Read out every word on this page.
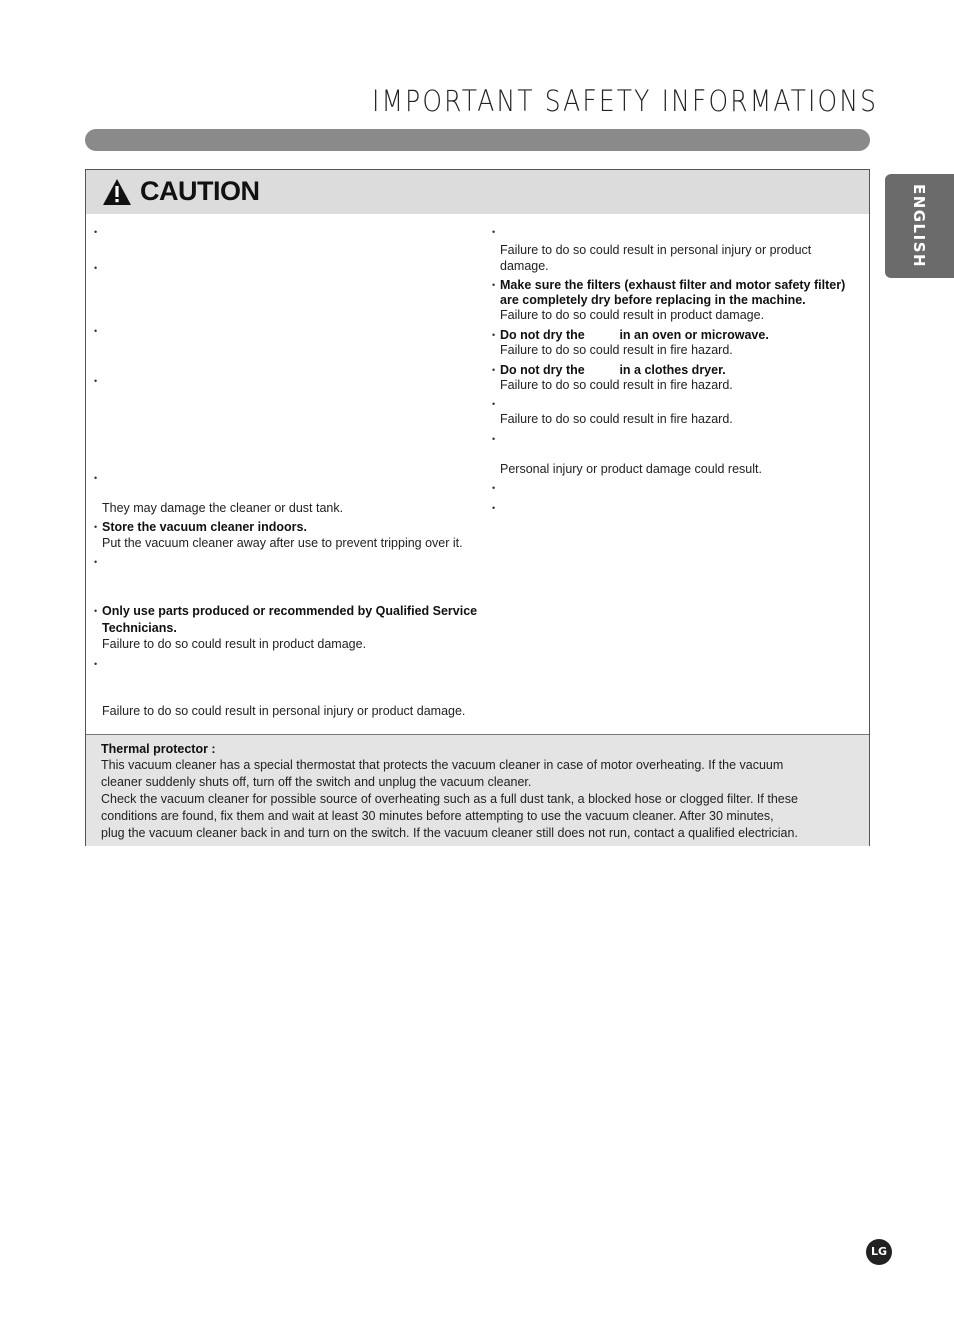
IMPORTANT SAFETY INFORMATIONS
ENGLISH
CAUTION
•
•
•
•
•
They may damage the cleaner or dust tank.
• Store the vacuum cleaner indoors.
Put the vacuum cleaner away after use to prevent tripping over it.
•
• Only use parts produced or recommended by Qualified Service
Technicians.
Failure to do so could result in product damage.
•
Failure to do so could result in personal injury or product damage.
•
Failure to do so could result in personal injury or product
damage.
• Make sure the filters (exhaust filter and motor safety filter)
are completely dry before replacing in the machine.
Failure to do so could result in product damage.
• Do not dry the          in an oven or microwave.
Failure to do so could result in fire hazard.
• Do not dry the          in a clothes dryer.
Failure to do so could result in fire hazard.
•
Failure to do so could result in fire hazard.
•
Personal injury or product damage could result.
•
•
Thermal protector :
This vacuum cleaner has a special thermostat that protects the vacuum cleaner in case of motor overheating. If the vacuum
cleaner suddenly shuts off, turn off the switch and unplug the vacuum cleaner.
Check the vacuum cleaner for possible source of overheating such as a full dust tank, a blocked hose or clogged filter. If these
conditions are found, fix them and wait at least 30 minutes before attempting to use the vacuum cleaner. After 30 minutes,
plug the vacuum cleaner back in and turn on the switch. If the vacuum cleaner still does not run, contact a qualified electrician.
LG
